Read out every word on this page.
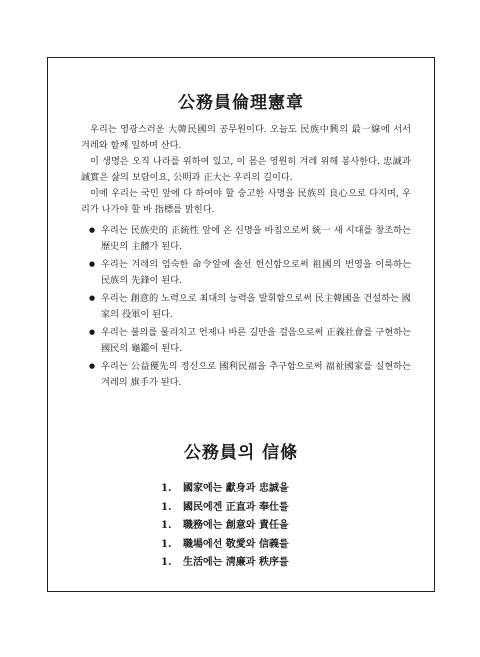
公務員倫理憲章

우리는 영광스러운 大韓民國의 공무원이다. 오늘도 民族中興의 最一線에 서서 겨레와 함께 일하며 산다.

이 생명은 오직 나라를 위하여 있고, 이 몸은 영원히 겨레 위해 봉사한다. 忠誠과 誠實은 삶의 보람이요, 公明과 正大는 우리의 길이다.

이에 우리는 국민 앞에 다 하여야 할 숭고한 사명을 民族의 良心으로 다지며, 우리가 나가야 할 바 指標를 밝힌다.

● 우리는 民族史的 正統性 앞에 온 신명을 바침으로써 統一 새 시대를 창조하는 歷史의 主體가 된다.
● 우리는 겨레의 엄숙한 命令앞에 솔선 헌신함으로써 祖國의 번영을 이룩하는 民族의 先鋒이 된다.
● 우리는 創意的 노력으로 최대의 능력을 발휘함으로써 民主韓國을 건설하는 國家의 役軍이 된다.
● 우리는 불의를 물리치고 언제나 바른 길만을 걸음으로써 正義社會를 구현하는 國民의 龜鑑이 된다.
● 우리는 公益優先의 정신으로 國利民福을 추구함으로써 福祉國家를 실현하는 겨레의 旗手가 된다.
公務員의 信條
1. 國家에는 獻身과 忠誠을
1. 國民에겐 正直과 奉仕를
1. 職務에는 創意와 責任을
1. 職場에선 敬愛와 信義를
1. 生活에는 淸廉과 秩序를
